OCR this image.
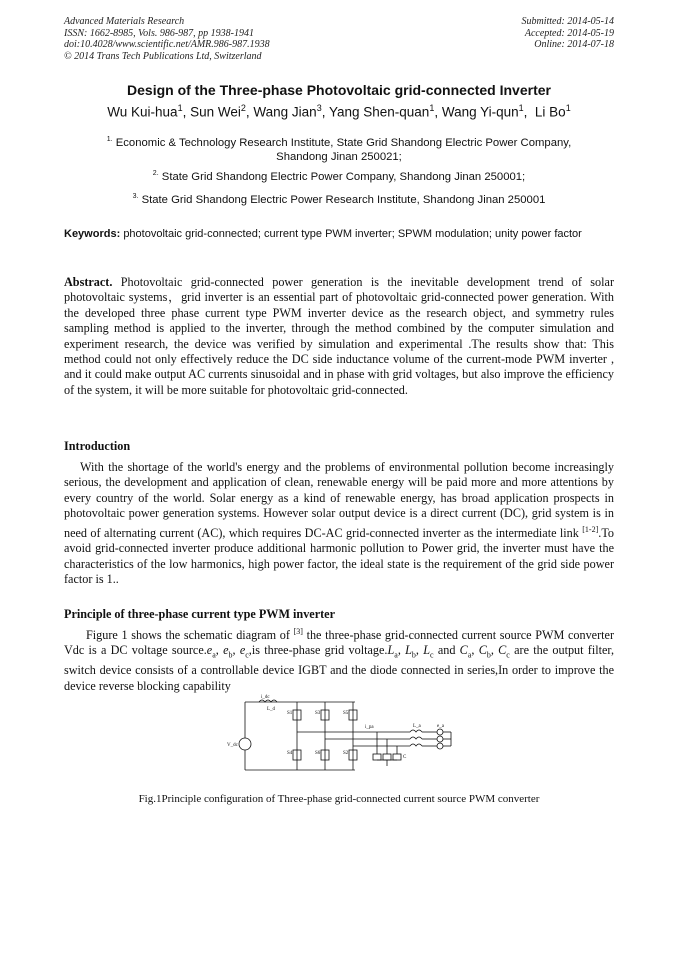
Advanced Materials Research
ISSN: 1662-8985, Vols. 986-987, pp 1938-1941
doi:10.4028/www.scientific.net/AMR.986-987.1938
© 2014 Trans Tech Publications Ltd, Switzerland
Submitted: 2014-05-14
Accepted: 2014-05-19
Online: 2014-07-18
Design of the Three-phase Photovoltaic grid-connected Inverter
Wu Kui-hua$^1$, Sun Wei$^2$, Wang Jian$^3$, Yang Shen-quan$^1$, Wang Yi-qun$^1$,  Li Bo$^1$
$^{1.}$ Economic & Technology Research Institute, State Grid Shandong Electric Power Company,
Shandong Jinan 250021;
$^{2.}$ State Grid Shandong Electric Power Company, Shandong Jinan 250001;
$^{3.}$ State Grid Shandong Electric Power Research Institute, Shandong Jinan 250001
Keywords: photovoltaic grid-connected; current type PWM inverter; SPWM modulation; unity power factor
Abstract. Photovoltaic grid-connected power generation is the inevitable development trend of solar photovoltaic systems，grid inverter is an essential part of photovoltaic grid-connected power generation. With the developed three phase current type PWM inverter device as the research object, and symmetry rules sampling method is applied to the inverter, through the method combined by the computer simulation and experiment research, the device was verified by simulation and experimental .The results show that: This method could not only effectively reduce the DC side inductance volume of the current-mode PWM inverter , and it could make output AC currents sinusoidal and in phase with grid voltages, but also improve the efficiency of the system, it will be more suitable for photovoltaic grid-connected.
Introduction
With the shortage of the world's energy and the problems of environmental pollution become increasingly serious, the development and application of clean, renewable energy will be paid more and more attentions by every country of the world. Solar energy as a kind of renewable energy, has broad application prospects in photovoltaic power generation systems. However solar output device is a direct current (DC), grid system is in need of alternating current (AC), which requires DC-AC grid-connected inverter as the intermediate link [1-2].To avoid grid-connected inverter produce additional harmonic pollution to Power grid, the inverter must have the characteristics of the low harmonics, high power factor, the ideal state is the requirement of the grid side power factor is 1..
Principle of three-phase current type PWM inverter
Figure 1 shows the schematic diagram of [3] the three-phase grid-connected current source PWM converter Vdc is a DC voltage $source.e_a$, $e_b$, $e_c,is$ three-phase grid $voltage.L_a$, $L_b$, $L_c$ and $C_a$, $C_b$, $C_c$ are the output filter, switch device consists of a controllable device IGBT and the diode connected in series,In order to improve the device reverse blocking capability
i_dc
L_d
V_dc
i_pa
S1	S3	S5
S4	S6	S2
L_a	e_a
C
Fig.1Principle configuration of Three-phase grid-connected current source PWM converter
